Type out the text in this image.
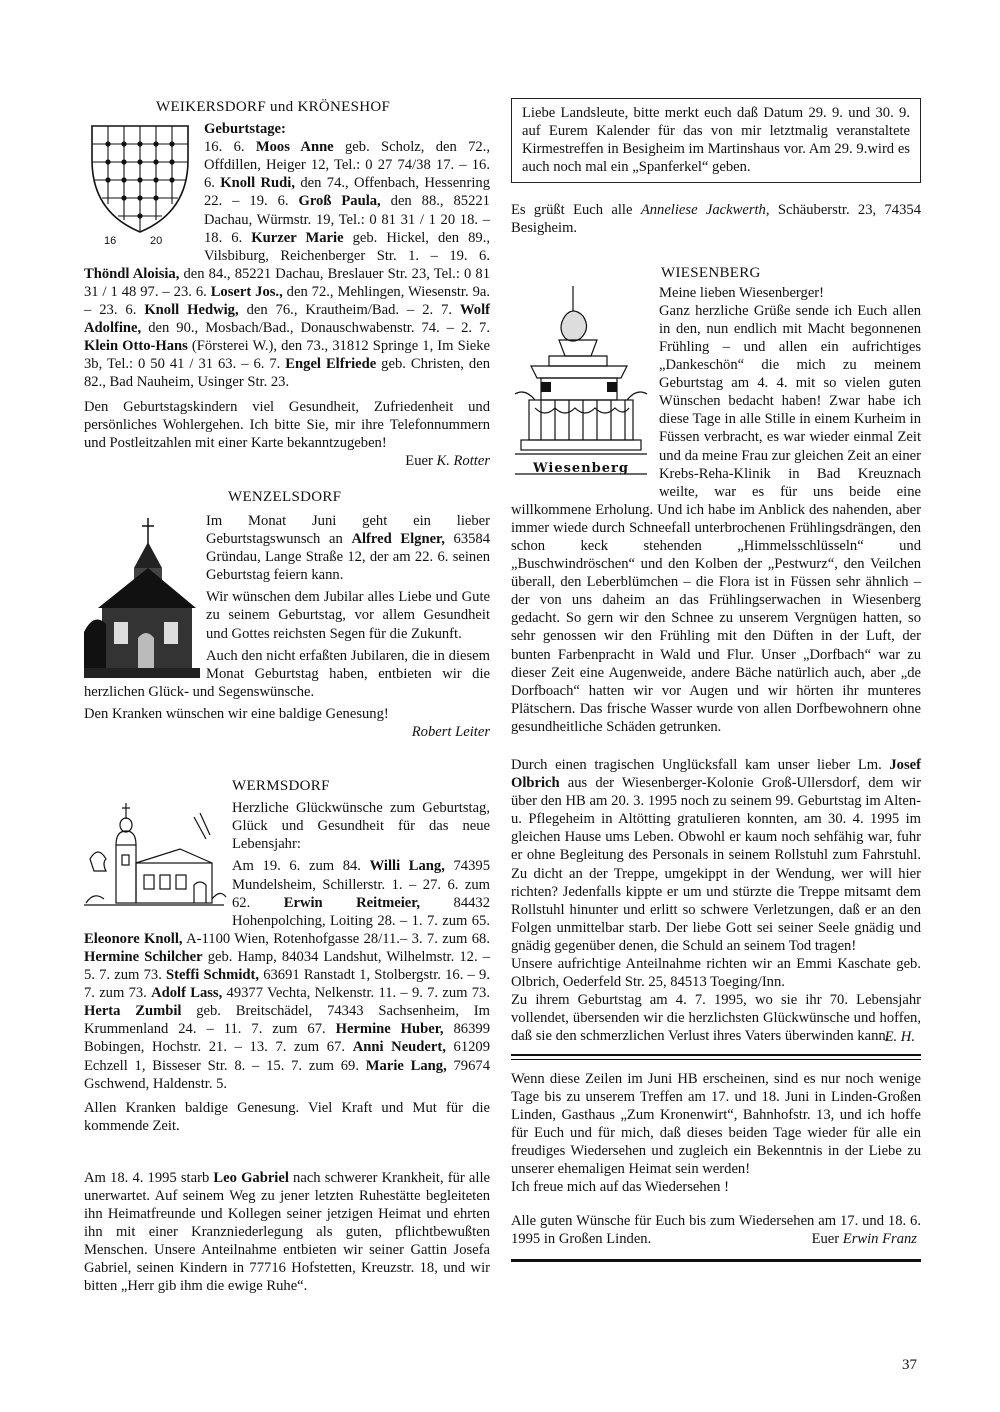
WEIKERSDORF und KRÖNESHOF
16	20
Geburtstage:

16. 6. Moos Anne geb. Scholz, den 72., Offdillen, Heiger 12, Tel.: 0 27 74/38 17. – 16. 6. Knoll Rudi, den 74., Offenbach, Hessenring 22. – 19. 6. Groß Paula, den 88., 85221 Dachau, Würmstr. 19, Tel.: 0 81 31 / 1 20 18. – 18. 6. Kurzer Marie geb. Hickel, den 89., Vilsbiburg, Reichenberger Str. 1. – 19. 6. Thöndl Aloisia, den 84., 85221 Dachau, Breslauer Str. 23, Tel.: 0 81 31 / 1 48 97. – 23. 6. Losert Jos., den 72., Mehlingen, Wiesenstr. 9a. – 23. 6. Knoll Hedwig, den 76., Krautheim/Bad. – 2. 7. Wolf Adolfine, den 90., Mosbach/Bad., Donauschwabenstr. 74. – 2. 7. Klein Otto-Hans (Försterei W.), den 73., 31812 Springe 1, Im Sieke 3b, Tel.: 0 50 41 / 31 63. – 6. 7. Engel Elfriede geb. Christen, den 82., Bad Nauheim, Usinger Str. 23.

Den Geburtstagskindern viel Gesundheit, Zufriedenheit und persönliches Wohlergehen. Ich bitte Sie, mir ihre Telefonnummern und Postleitzahlen mit einer Karte bekanntzugeben!

Euer K. Rotter

WENZELSDORF

Im Monat Juni geht ein lieber Geburtstagswunsch an Alfred Elgner, 63584 Gründau, Lange Straße 12, der am 22. 6. seinen Geburtstag feiern kann.

Wir wünschen dem Jubilar alles Liebe und Gute zu seinem Geburtstag, vor allem Gesundheit und Gottes reichsten Segen für die Zukunft.

Auch den nicht erfaßten Jubilaren, die in diesem Monat Geburtstag haben, entbieten wir die herzlichen Glück- und Segenswünsche.

Den Kranken wünschen wir eine baldige Genesung!

Robert Leiter

WERMSDORF

Herzliche Glückwünsche zum Geburtstag, Glück und Gesundheit für das neue Lebensjahr:

Am 19. 6. zum 84. Willi Lang, 74395 Mundelsheim, Schillerstr. 1. – 27. 6. zum 62. Erwin Reitmeier, 84432 Hohenpolching, Loiting 28. – 1. 7. zum 65. Eleonore Knoll, A-1100 Wien, Rotenhofgasse 28/11.– 3. 7. zum 68. Hermine Schilcher geb. Hamp, 84034 Landshut, Wilhelmstr. 12. – 5. 7. zum 73. Steffi Schmidt, 63691 Ranstadt 1, Stolbergstr. 16. – 9. 7. zum 73. Adolf Lass, 49377 Vechta, Nelkenstr. 11. – 9. 7. zum 73. Herta Zumbil geb. Breitschädel, 74343 Sachsenheim, Im Krummenland 24. – 11. 7. zum 67. Hermine Huber, 86399 Bobingen, Hochstr. 21. – 13. 7. zum 67. Anni Neudert, 61209 Echzell 1, Bisseser Str. 8. – 15. 7. zum 69. Marie Lang, 79674 Gschwend, Haldenstr. 5.

Allen Kranken baldige Genesung. Viel Kraft und Mut für die kommende Zeit.

Am 18. 4. 1995 starb Leo Gabriel nach schwerer Krankheit, für alle unerwartet. Auf seinem Weg zu jener letzten Ruhestätte begleiteten ihn Heimatfreunde und Kollegen seiner jetzigen Heimat und ehrten ihn mit einer Kranzniederlegung als guten, pflichtbewußten Menschen. Unsere Anteilnahme entbieten wir seiner Gattin Josefa Gabriel, seinen Kindern in 77716 Hofstetten, Kreuzstr. 18, und wir bitten „Herr gib ihm die ewige Ruhe“.

Liebe Landsleute, bitte merkt euch daß Datum 29. 9. und 30. 9. auf Eurem Kalender für das von mir letztmalig veranstaltete Kirmestreffen in Besigheim im Martinshaus vor. Am 29. 9.wird es auch noch mal ein „Spanferkel“ geben.

Es grüßt Euch alle Anneliese Jackwerth, Schäuberstr. 23, 74354 Besigheim.

WIESENBERG
Wiesenberg

Meine lieben Wiesenberger!

Ganz herzliche Grüße sende ich Euch allen in den, nun endlich mit Macht begonnenen Frühling – und allen ein aufrichtiges „Dankeschön“ die mich zu meinem Geburtstag am 4. 4. mit so vielen guten Wünschen bedacht haben! Zwar habe ich diese Tage in alle Stille in einem Kurheim in Füssen verbracht, es war wieder einmal Zeit und da meine Frau zur gleichen Zeit an einer Krebs-Reha-Klinik in Bad Kreuznach weilte, war es für uns beide eine willkommene Erholung. Und ich habe im Anblick des nahenden, aber immer wiede durch Schneefall unterbrochenen Frühlingsdrängen, den schon keck stehenden „Himmelsschlüsseln“ und „Buschwindröschen“ und den Kolben der „Pestwurz“, den Veilchen überall, den Leberblümchen – die Flora ist in Füssen sehr ähnlich – der von uns daheim an das Frühlingserwachen in Wiesenberg gedacht. So gern wir den Schnee zu unserem Vergnügen hatten, so sehr genossen wir den Frühling mit den Düften in der Luft, der bunten Farbenpracht in Wald und Flur. Unser „Dorfbach“ war zu dieser Zeit eine Augenweide, andere Bäche natürlich auch, aber „de Dorfboach“ hatten wir vor Augen und wir hörten ihr munteres Plätschern. Das frische Wasser wurde von allen Dorfbewohnern ohne gesundheitliche Schäden getrunken.

Durch einen tragischen Unglücksfall kam unser lieber Lm. Josef Olbrich aus der Wiesenberger-Kolonie Groß-Ullersdorf, dem wir über den HB am 20. 3. 1995 noch zu seinem 99. Geburtstag im Alten- u. Pflegeheim in Altötting gratulieren konnten, am 30. 4. 1995 im gleichen Hause ums Leben. Obwohl er kaum noch sehfähig war, fuhr er ohne Begleitung des Personals in seinem Rollstuhl zum Fahrstuhl. Zu dicht an der Treppe, umgekippt in der Wendung, wer will hier richten? Jedenfalls kippte er um und stürzte die Treppe mitsamt dem Rollstuhl hinunter und erlitt so schwere Verletzungen, daß er an den Folgen unmittelbar starb. Der liebe Gott sei seiner Seele gnädig und gnädig gegenüber denen, die Schuld an seinem Tod tragen!

Unsere aufrichtige Anteilnahme richten wir an Emmi Kaschate geb. Olbrich, Oederfeld Str. 25, 84513 Toeging/Inn.

Zu ihrem Geburtstag am 4. 7. 1995, wo sie ihr 70. Lebensjahr vollendet, übersenden wir die herzlichsten Glückwünsche und hoffen, daß sie den schmerzlichen Verlust ihres Vaters überwinden kann.

E. H.

Wenn diese Zeilen im Juni HB erscheinen, sind es nur noch wenige Tage bis zu unserem Treffen am 17. und 18. Juni in Linden-Großen Linden, Gasthaus „Zum Kronenwirt“, Bahnhofstr. 13, und ich hoffe für Euch und für mich, daß dieses beiden Tage wieder für alle ein freudiges Wiedersehen und zugleich ein Bekenntnis in der Liebe zu unserer ehemaligen Heimat sein werden!

Ich freue mich auf das Wiedersehen !

Alle guten Wünsche für Euch bis zum Wiedersehen am 17. und 18. 6. 1995 in Großen Linden.	Euer Erwin Franz

37
